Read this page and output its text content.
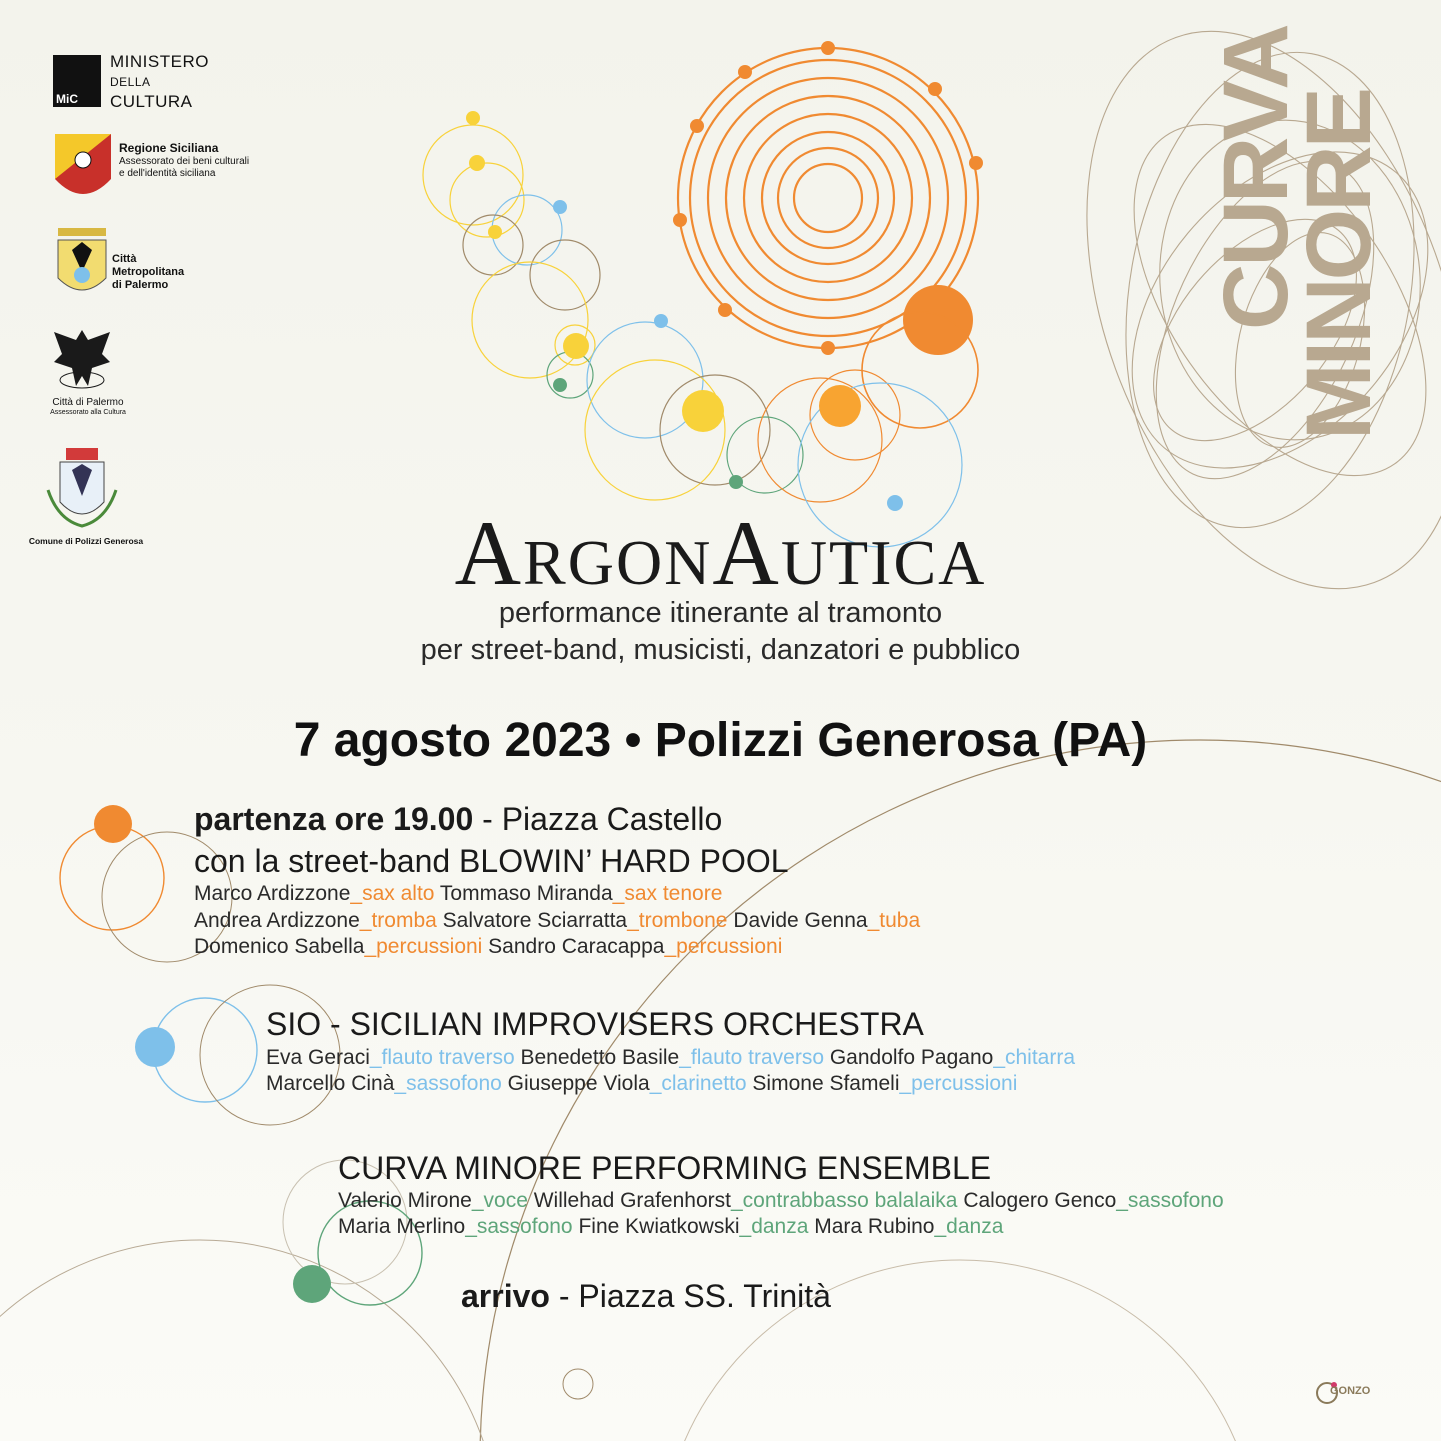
MiC
MINISTERO
DELLA
CULTURA
Regione Siciliana
Assessorato dei beni culturali
e dell'identità siciliana
Città
Metropolitana
di Palermo
Città di Palermo
Assessorato alla Cultura
Comune di Polizzi Generosa
CURVA
MINORE
ArgonAutica
performance itinerante al tramonto
per street-band, musicisti, danzatori e pubblico
7 agosto 2023 • Polizzi Generosa (PA)
partenza ore 19.00 - Piazza Castello
con la street-band BLOWIN’ HARD POOL
Marco Ardizzone_sax alto Tommaso Miranda_sax tenore
Andrea Ardizzone_tromba Salvatore Sciarratta_trombone Davide Genna_tuba
Domenico Sabella_percussioni Sandro Caracappa_percussioni
SIO - SICILIAN IMPROVISERS ORCHESTRA
Eva Geraci_flauto traverso Benedetto Basile_flauto traverso Gandolfo Pagano_chitarra
Marcello Cinà_sassofono Giuseppe Viola_clarinetto Simone Sfameli_percussioni
CURVA MINORE PERFORMING ENSEMBLE
Valerio Mirone_voce Willehad Grafenhorst_contrabbasso balalaika Calogero Genco_sassofono
Maria Merlino_sassofono Fine Kwiatkowski_danza Mara Rubino_danza
arrivo - Piazza SS. Trinità
GONZO
